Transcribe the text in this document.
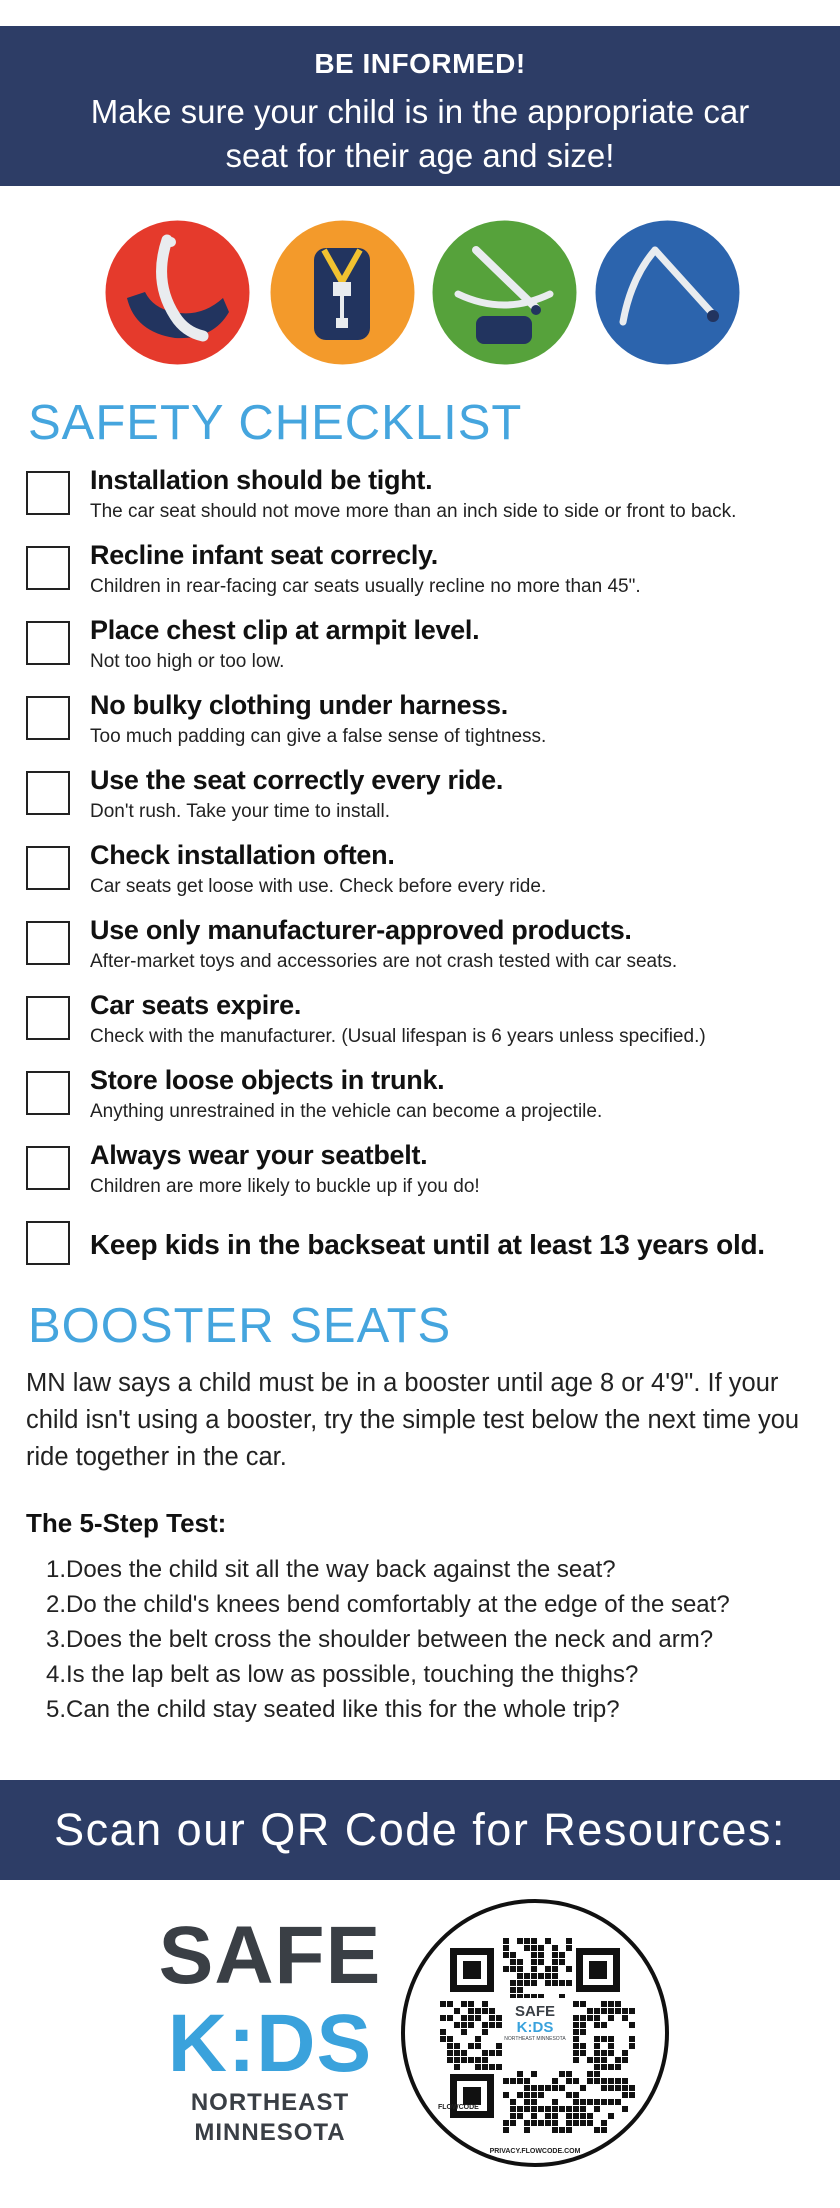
BE INFORMED!
Make sure your child is in the appropriate car seat for their age and size!
SAFETY CHECKLIST
Installation should be tight.
The car seat should not move more than an inch side to side or front to back.
Recline infant seat correcly.
Children in rear-facing car seats usually recline no more than 45".
Place chest clip at armpit level.
Not too high or too low.
No bulky clothing under harness.
Too much padding can give a false sense of tightness.
Use the seat correctly every ride.
Don't rush. Take your time to install.
Check installation often.
Car seats get loose with use. Check before every ride.
Use only manufacturer-approved products.
After-market toys and accessories are not crash tested with car seats.
Car seats expire.
Check with the manufacturer. (Usual lifespan is 6 years unless specified.)
Store loose objects in trunk.
Anything unrestrained in the vehicle can become a projectile.
Always wear your seatbelt.
Children are more likely to buckle up if you do!
Keep kids in the backseat until at least 13 years old.
BOOSTER SEATS
MN law says a child must be in a booster until age 8 or 4'9". If your child isn't using a booster, try the simple test below the next time you ride together in the car.
The 5-Step Test:
1.Does the child sit all the way back against the seat?
2.Do the child's knees bend comfortably at the edge of the seat?
3.Does the belt cross the shoulder between the neck and arm?
4.Is the lap belt as low as possible, touching the thighs?
5.Can the child stay seated like this for the whole trip?
Scan our QR Code for Resources:
SAFE
K:DS
NORTHEAST
MINNESOTA
SAFE
K:DS
NORTHEAST MINNESOTA
FLOWCODE
PRIVACY.FLOWCODE.COM
